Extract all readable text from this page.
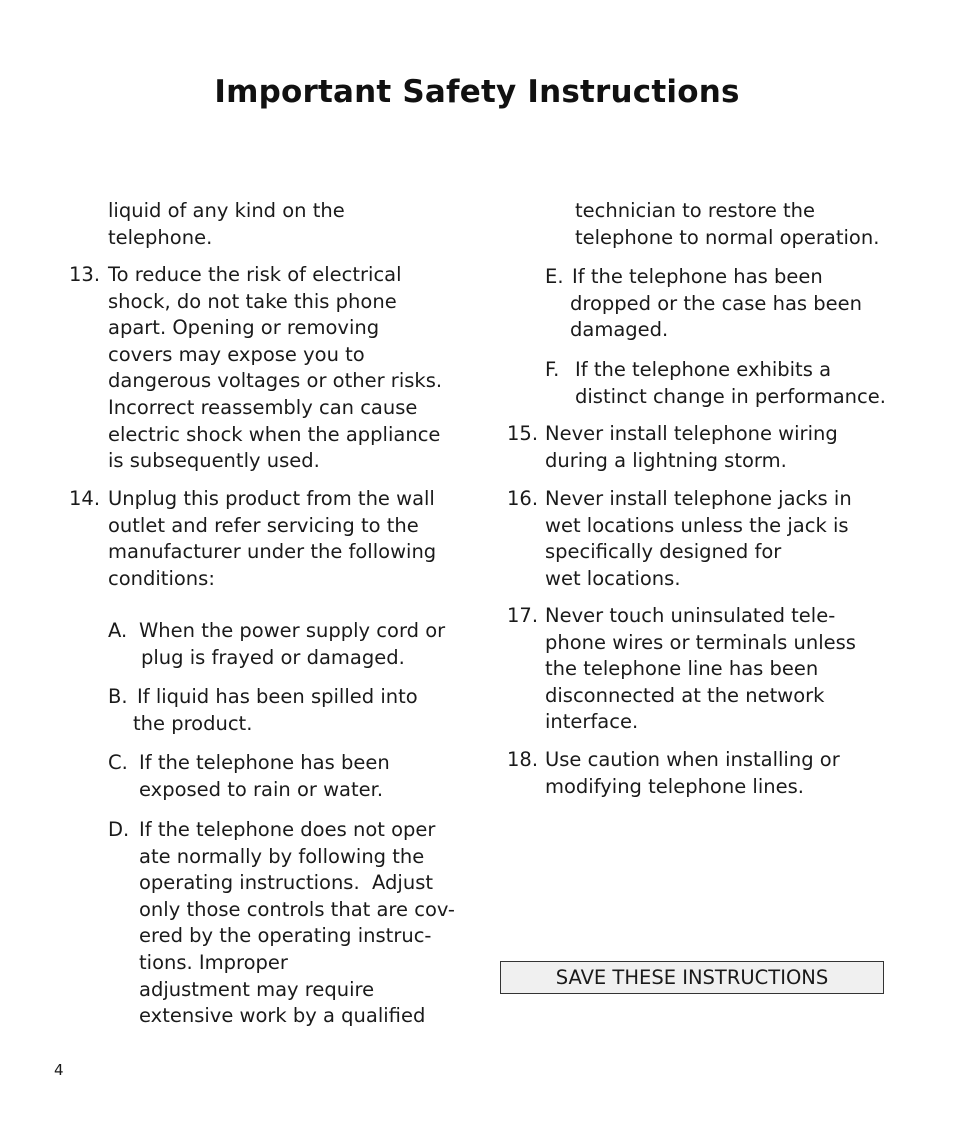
Important Safety Instructions
liquid of any kind on the
telephone.
13. To reduce the risk of electrical
shock, do not take this phone
apart. Opening or removing
covers may expose you to
dangerous voltages or other risks.
Incorrect reassembly can cause
electric shock when the appliance
is subsequently used.
14. Unplug this product from the wall
outlet and refer servicing to the
manufacturer under the following
conditions:
A. When the power supply cord or
plug is frayed or damaged.
B. If liquid has been spilled into
the product.
C. If the telephone has been
exposed to rain or water.
D. If the telephone does not oper
ate normally by following the
operating instructions.  Adjust
only those controls that are cov-
ered by the operating instruc-
tions. Improper
adjustment may require
extensive work by a qualified
technician to restore the
telephone to normal operation.
E. If the telephone has been
dropped or the case has been
damaged.
F. If the telephone exhibits a
distinct change in performance.
15. Never install telephone wiring
during a lightning storm.
16. Never install telephone jacks in
wet locations unless the jack is
specifically designed for
wet locations.
17. Never touch uninsulated tele-
phone wires or terminals unless
the telephone line has been
disconnected at the network
interface.
18. Use caution when installing or
modifying telephone lines.
SAVE THESE INSTRUCTIONS
4
